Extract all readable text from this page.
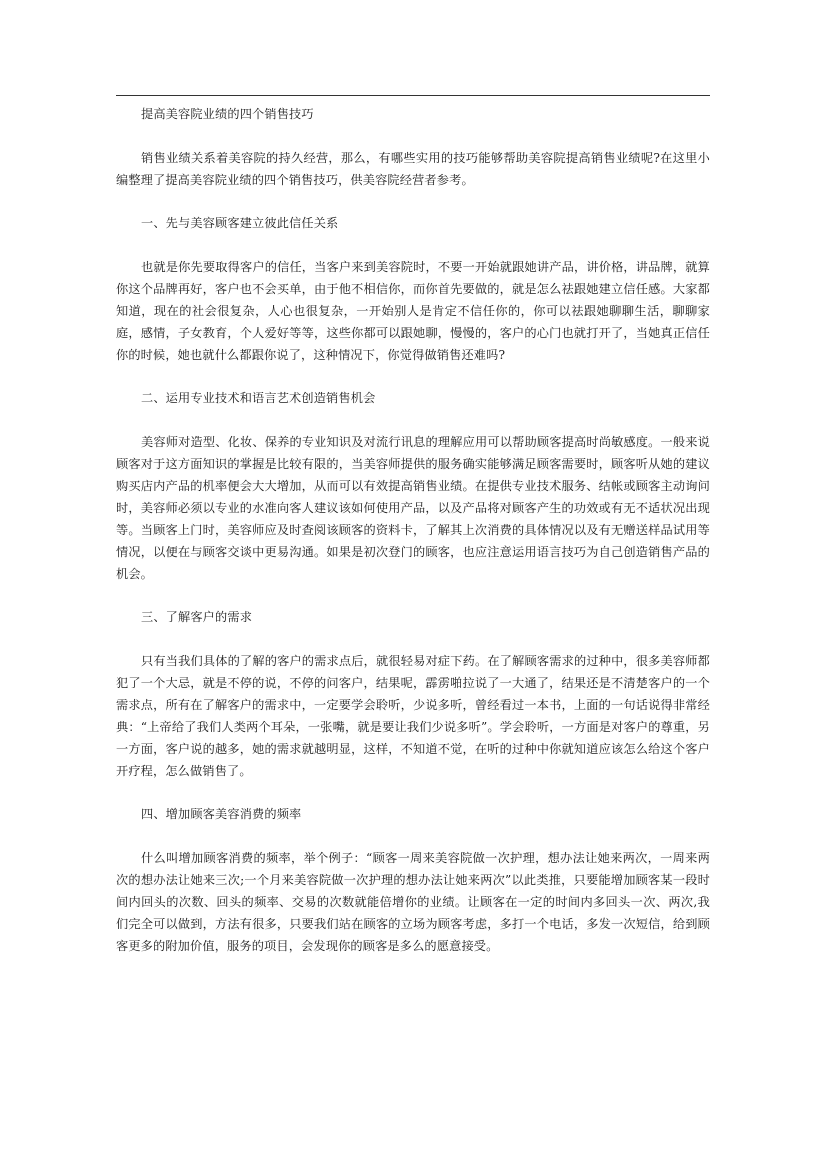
提高美容院业绩的四个销售技巧

销售业绩关系着美容院的持久经营，那么，有哪些实用的技巧能够帮助美容院提高销售业绩呢?在这里小编整理了提高美容院业绩的四个销售技巧，供美容院经营者参考。

一、先与美容顾客建立彼此信任关系

也就是你先要取得客户的信任，当客户来到美容院时，不要一开始就跟她讲产品，讲价格，讲品牌，就算你这个品牌再好，客户也不会买单，由于他不相信你，而你首先要做的，就是怎么祛跟她建立信任感。大家都知道，现在的社会很复杂，人心也很复杂，一开始别人是肯定不信任你的，你可以祛跟她聊聊生活，聊聊家庭，感情，子女教育，个人爱好等等，这些你都可以跟她聊，慢慢的，客户的心门也就打开了，当她真正信任你的时候，她也就什么都跟你说了，这种情况下，你觉得做销售还难吗?

二、运用专业技术和语言艺术创造销售机会

美容师对造型、化妆、保养的专业知识及对流行讯息的理解应用可以帮助顾客提高时尚敏感度。一般来说顾客对于这方面知识的掌握是比较有限的，当美容师提供的服务确实能够满足顾客需要时，顾客听从她的建议购买店内产品的机率便会大大增加，从而可以有效提高销售业绩。在提供专业技术服务、结帐或顾客主动询问时，美容师必须以专业的水准向客人建议该如何使用产品，以及产品将对顾客产生的功效或有无不适状况出现等。当顾客上门时，美容师应及时查阅该顾客的资料卡，了解其上次消费的具体情况以及有无赠送样品试用等情况，以便在与顾客交谈中更易沟通。如果是初次登门的顾客，也应注意运用语言技巧为自己创造销售产品的机会。

三、了解客户的需求

只有当我们具体的了解的客户的需求点后，就很轻易对症下药。在了解顾客需求的过种中，很多美容师都犯了一个大忌，就是不停的说，不停的问客户，结果呢，霹雳啪拉说了一大通了，结果还是不清楚客户的一个需求点，所有在了解客户的需求中，一定要学会聆听，少说多听，曾经看过一本书，上面的一句话说得非常经典：“上帝给了我们人类两个耳朵，一张嘴，就是要让我们少说多听”。学会聆听，一方面是对客户的尊重，另一方面，客户说的越多，她的需求就越明显，这样，不知道不觉，在听的过种中你就知道应该怎么给这个客户开疗程，怎么做销售了。

四、增加顾客美容消费的频率

什么叫增加顾客消费的频率，举个例子：“顾客一周来美容院做一次护理，想办法让她来两次，一周来两次的想办法让她来三次;一个月来美容院做一次护理的想办法让她来两次”以此类推，只要能增加顾客某一段时间内回头的次数、回头的频率、交易的次数就能倍增你的业绩。让顾客在一定的时间内多回头一次、两次,我们完全可以做到，方法有很多，只要我们站在顾客的立场为顾客考虑，多打一个电话，多发一次短信，给到顾客更多的附加价值，服务的项目，会发现你的顾客是多么的愿意接受。
